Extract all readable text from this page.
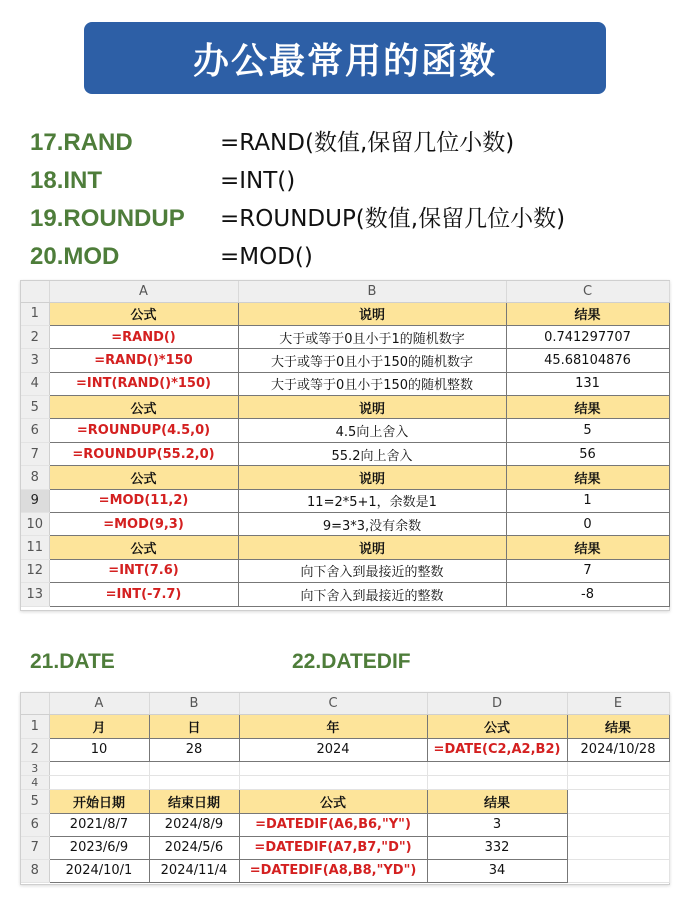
办公最常用的函数
17.RAND	=RAND(数值,保留几位小数)
18.INT	=INT()
19.ROUNDUP =ROUNDUP(数值,保留几位小数)
20.MOD	=MOD()
	A	B	C
1	公式	说明	结果
2	=RAND()	大于或等于0且小于1的随机数字	0.741297707
3	=RAND()*150	大于或等于0且小于150的随机数字	45.68104876
4	=INT(RAND()*150)	大于或等于0且小于150的随机整数	131
5	公式	说明	结果
6	=ROUNDUP(4.5,0)	4.5向上舍入	5
7	=ROUNDUP(55.2,0)	55.2向上舍入	56
8	公式	说明	结果
9	=MOD(11,2)	11=2*5+1，余数是1	1
10	=MOD(9,3)	9=3*3,没有余数	0
11	公式	说明	结果
12	=INT(7.6)	向下舍入到最接近的整数	7
13	=INT(-7.7)	向下舍入到最接近的整数	-8
21.DATE	22.DATEDIF
	A	B	C	D	E
1	月	日	年	公式	结果
2	10	28	2024	=DATE(C2,A2,B2)	2024/10/28
3					
4					
5	开始日期	结束日期	公式	结果	
6	2021/8/7	2024/8/9	=DATEDIF(A6,B6,"Y")	3	
7	2023/6/9	2024/5/6	=DATEDIF(A7,B7,"D")	332	
8	2024/10/1	2024/11/4	=DATEDIF(A8,B8,"YD")	34	
